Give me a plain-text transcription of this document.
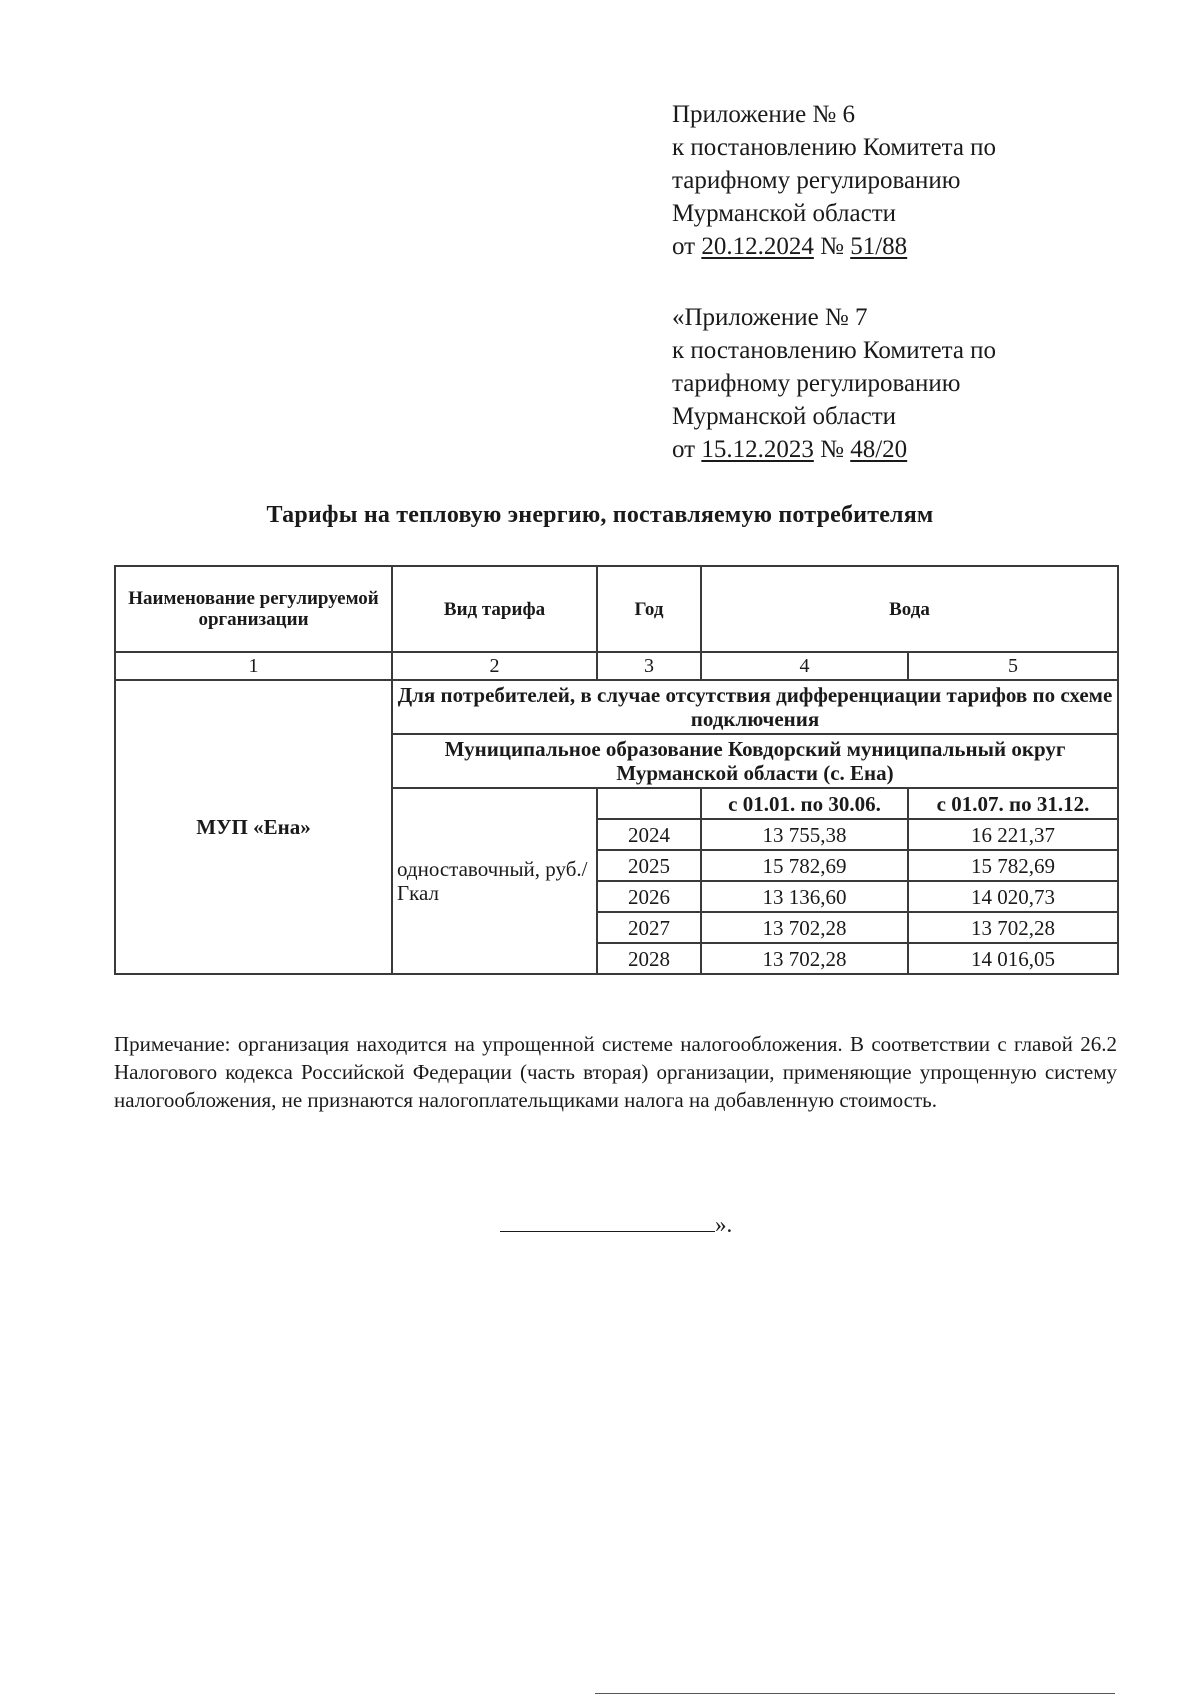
Приложение № 6
к постановлению Комитета по
тарифному регулированию
Мурманской области
от 20.12.2024 № 51/88
«Приложение № 7
к постановлению Комитета по
тарифному регулированию
Мурманской области
от 15.12.2023 № 48/20
Тарифы на тепловую энергию, поставляемую потребителям
Наименование регулируемой организации	Вид тарифа	Год	Вода	
1	2	3	4	5
МУП «Ена»	Для потребителей, в случае отсутствия дифференциации тарифов по схеме подключения			
	Муниципальное образование Ковдорский муниципальный округ Мурманской области (с. Ена)			
	одноставочный, руб./Гкал		с 01.01. по 30.06.	с 01.07. по 31.12.
		2024	13 755,38	16 221,37
		2025	15 782,69	15 782,69
		2026	13 136,60	14 020,73
		2027	13 702,28	13 702,28
		2028	13 702,28	14 016,05
Примечание: организация находится на упрощенной системе налогообложения. В соответствии с главой 26.2 Налогового кодекса Российской Федерации (часть вторая) организации, применяющие упрощенную систему налогообложения, не признаются налогоплательщиками налога на добавленную стоимость.
».
